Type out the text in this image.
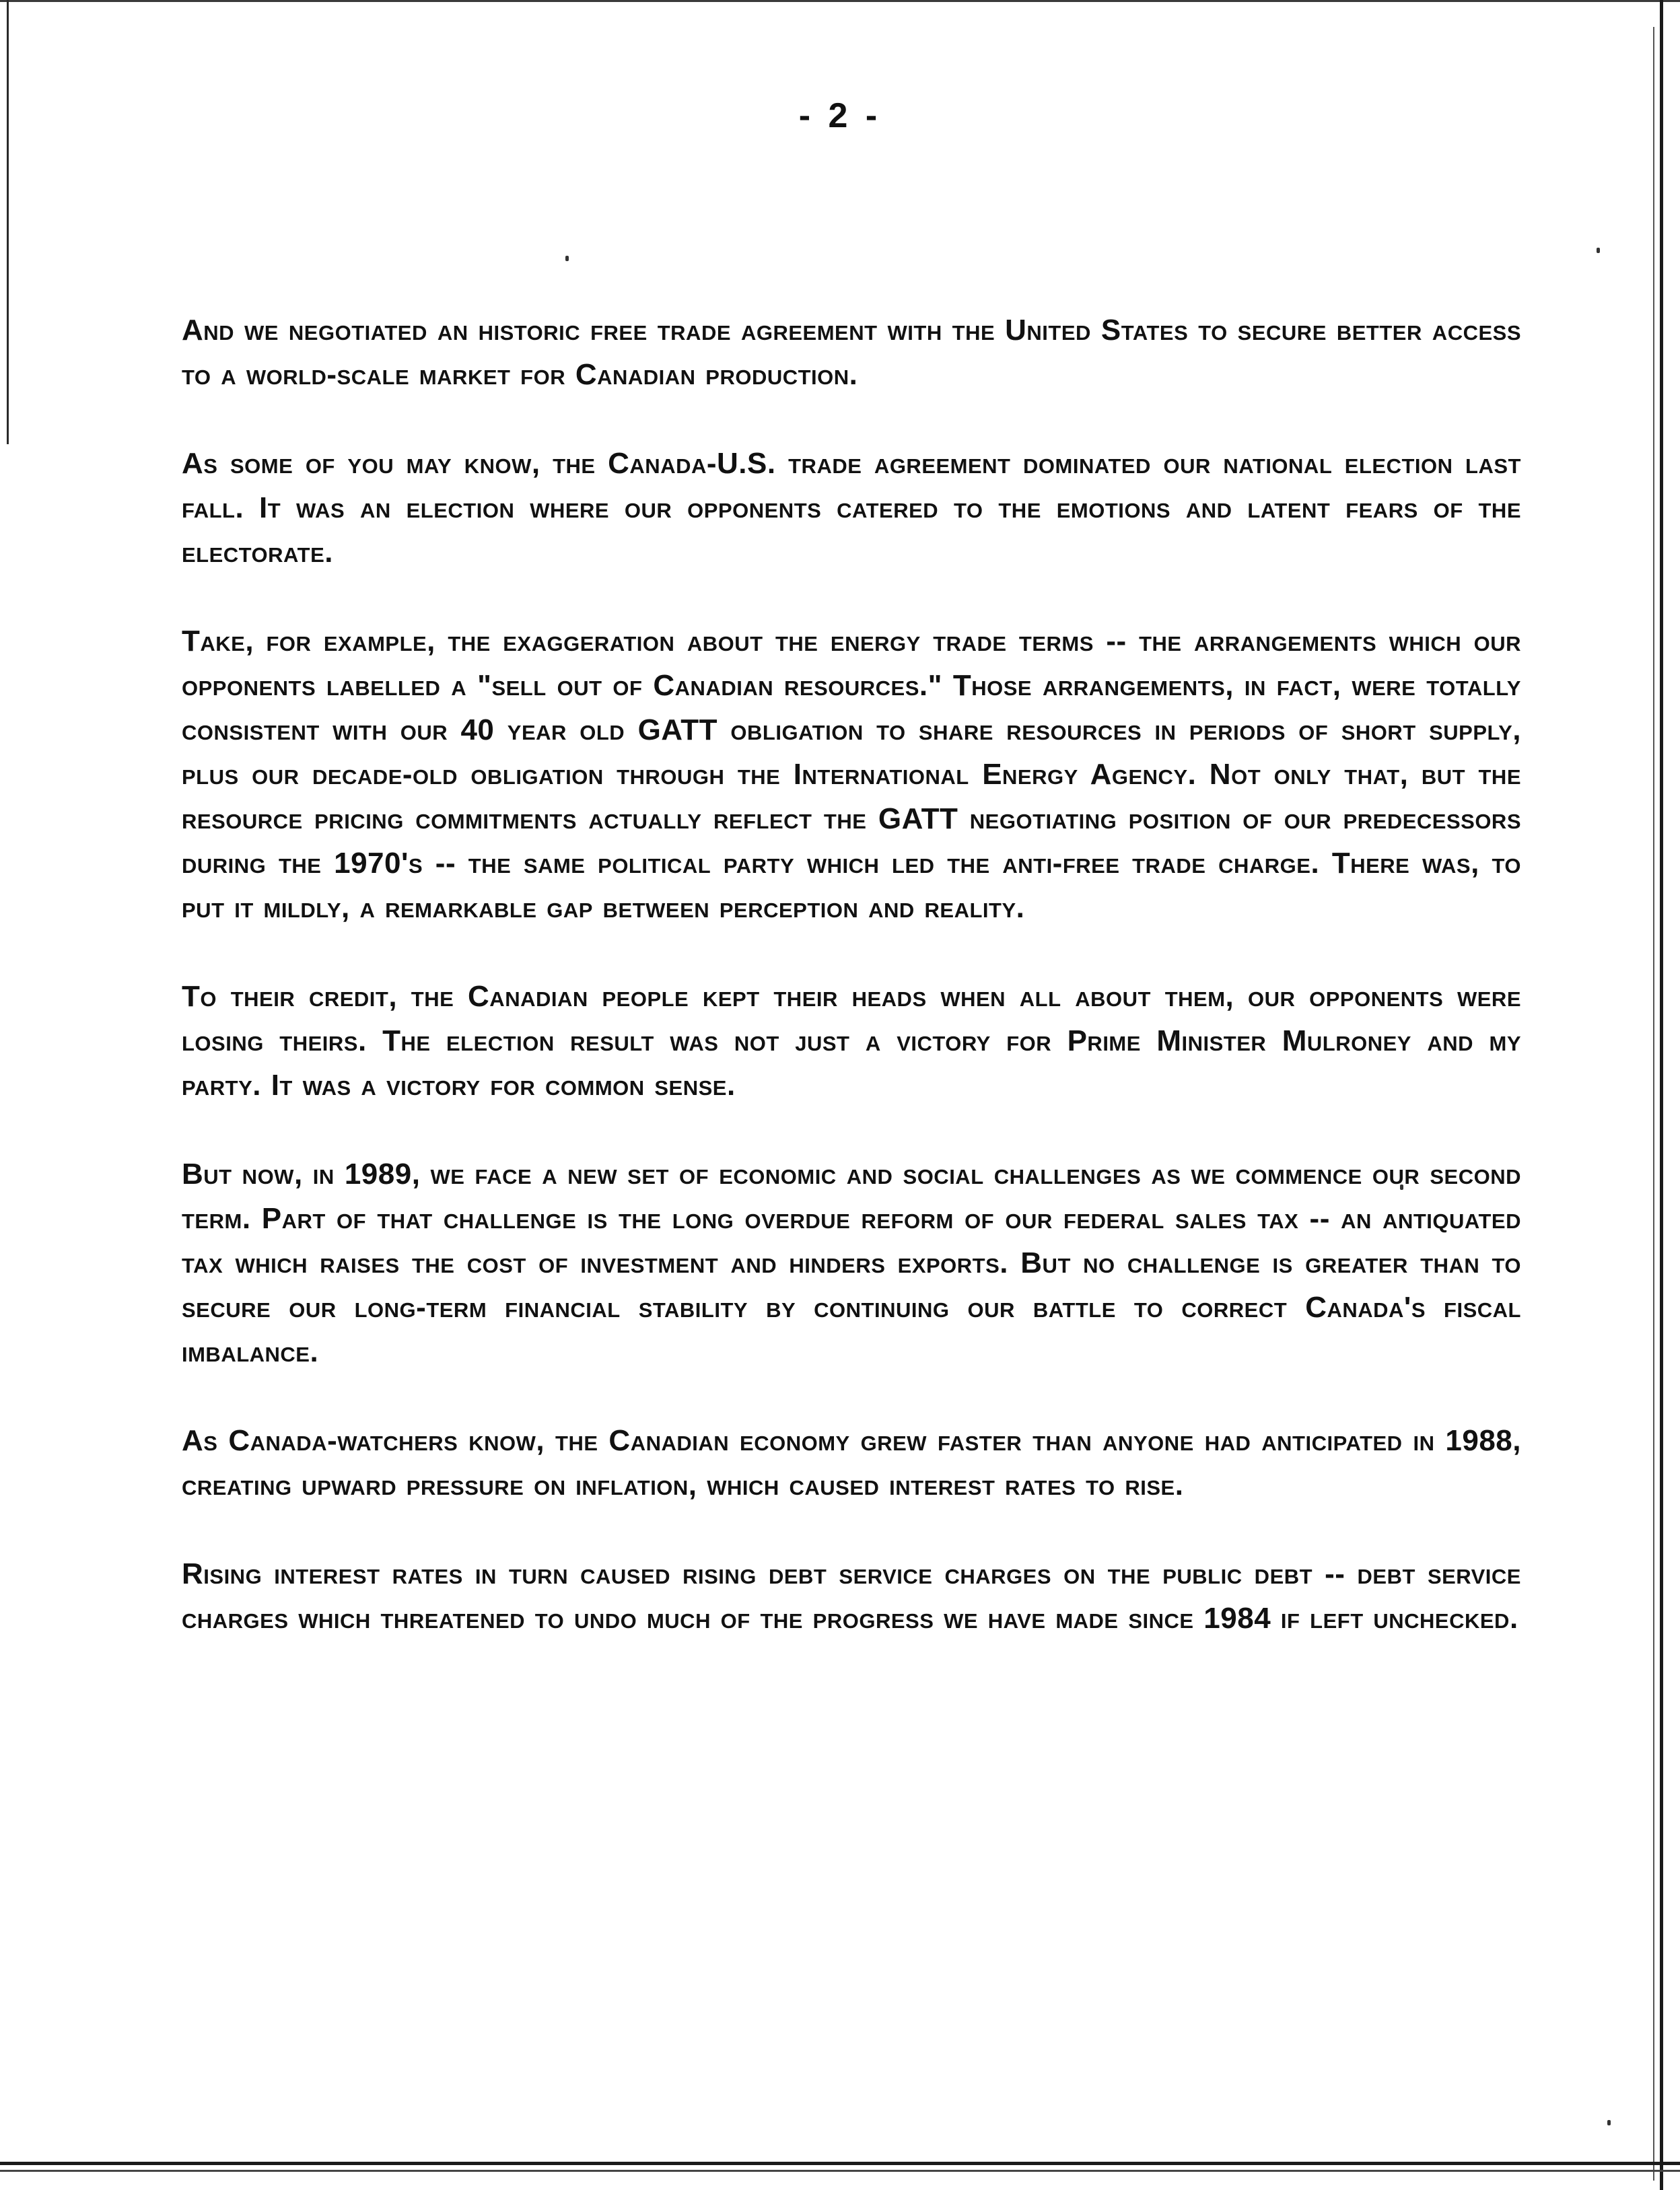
- 2 -

And we negotiated an historic free trade agreement with the United States to secure better access to a world-scale market for Canadian production.

As some of you may know, the Canada-U.S. trade agreement dominated our national election last fall. It was an election where our opponents catered to the emotions and latent fears of the electorate.

Take, for example, the exaggeration about the energy trade terms -- the arrangements which our opponents labelled a "sell out of Canadian resources." Those arrangements, in fact, were totally consistent with our 40 year old GATT obligation to share resources in periods of short supply, plus our decade-old obligation through the International Energy Agency. Not only that, but the resource pricing commitments actually reflect the GATT negotiating position of our predecessors during the 1970's -- the same political party which led the anti-free trade charge. There was, to put it mildly, a remarkable gap between perception and reality.

To their credit, the Canadian people kept their heads when all about them, our opponents were losing theirs. The election result was not just a victory for Prime Minister Mulroney and my party. It was a victory for common sense.

But now, in 1989, we face a new set of economic and social challenges as we commence our second term. Part of that challenge is the long overdue reform of our federal sales tax -- an antiquated tax which raises the cost of investment and hinders exports. But no challenge is greater than to secure our long-term financial stability by continuing our battle to correct Canada's fiscal imbalance.

As Canada-watchers know, the Canadian economy grew faster than anyone had anticipated in 1988, creating upward pressure on inflation, which caused interest rates to rise.

Rising interest rates in turn caused rising debt service charges on the public debt -- debt service charges which threatened to undo much of the progress we have made since 1984 if left unchecked.
